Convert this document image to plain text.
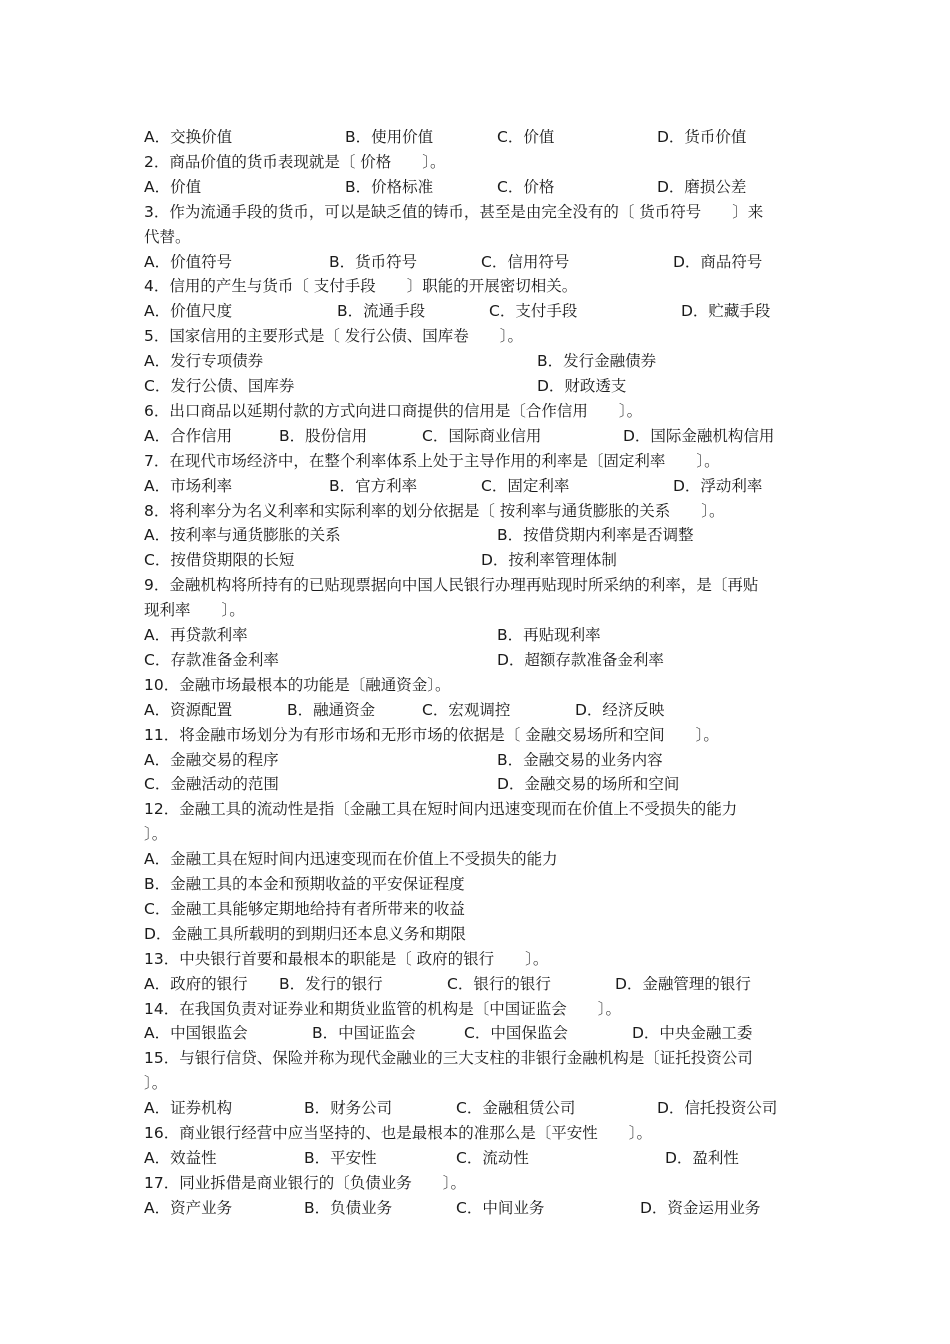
A．交换价值	B．使用价值	C．价值	D．货币价值
2．商品价值的货币表现就是〔 价格　　〕。
A．价值	B．价格标准	C．价格	D．磨损公差
3．作为流通手段的货币，可以是缺乏值的铸币，甚至是由完全没有的〔 货币符号　　〕来
代替。
A．价值符号	B．货币符号	C．信用符号	D．商品符号
4．信用的产生与货币〔 支付手段　　〕职能的开展密切相关。
A．价值尺度	B．流通手段	C．支付手段	D．贮藏手段
5．国家信用的主要形式是〔 发行公债、国库卷　　〕。
A．发行专项债券	B．发行金融债券
C．发行公债、国库券	D．财政透支
6．出口商品以延期付款的方式向进口商提供的信用是〔合作信用　　〕。
A．合作信用	B．股份信用	C．国际商业信用	D．国际金融机构信用
7．在现代市场经济中，在整个利率体系上处于主导作用的利率是〔固定利率　　〕。
A．市场利率	B．官方利率	C．固定利率	D．浮动利率
8．将利率分为名义利率和实际利率的划分依据是〔 按利率与通货膨胀的关系　　〕。
A．按利率与通货膨胀的关系	B．按借贷期内利率是否调整
C．按借贷期限的长短	D．按利率管理体制
9．金融机构将所持有的已贴现票据向中国人民银行办理再贴现时所采纳的利率，是〔再贴
现利率　　〕。
A．再贷款利率	B．再贴现利率
C．存款准备金利率	D．超额存款准备金利率
10．金融市场最根本的功能是〔融通资金〕。
A．资源配置	B．融通资金	C．宏观调控	D．经济反映
11．将金融市场划分为有形市场和无形市场的依据是〔 金融交易场所和空间　　〕。
A．金融交易的程序	B．金融交易的业务内容
C．金融活动的范围	D．金融交易的场所和空间
12．金融工具的流动性是指〔金融工具在短时间内迅速变现而在价值上不受损失的能力
〕。
A．金融工具在短时间内迅速变现而在价值上不受损失的能力
B．金融工具的本金和预期收益的平安保证程度
C．金融工具能够定期地给持有者所带来的收益
D．金融工具所载明的到期归还本息义务和期限
13．中央银行首要和最根本的职能是〔 政府的银行　　〕。
A．政府的银行 B．发行的银行	C．银行的银行	D．金融管理的银行
14．在我国负责对证券业和期货业监管的机构是〔中国证监会　　〕。
A．中国银监会	B．中国证监会	C．中国保监会	D．中央金融工委
15．与银行信贷、保险并称为现代金融业的三大支柱的非银行金融机构是〔证托投资公司
〕。
A．证券机构	B．财务公司	C．金融租赁公司	D．信托投资公司
16．商业银行经营中应当坚持的、也是最根本的准那么是〔平安性　　〕。
A．效益性	B．平安性	C．流动性	D．盈利性
17．同业拆借是商业银行的〔负债业务　　〕。
A．资产业务	B．负债业务	C．中间业务	D．资金运用业务
